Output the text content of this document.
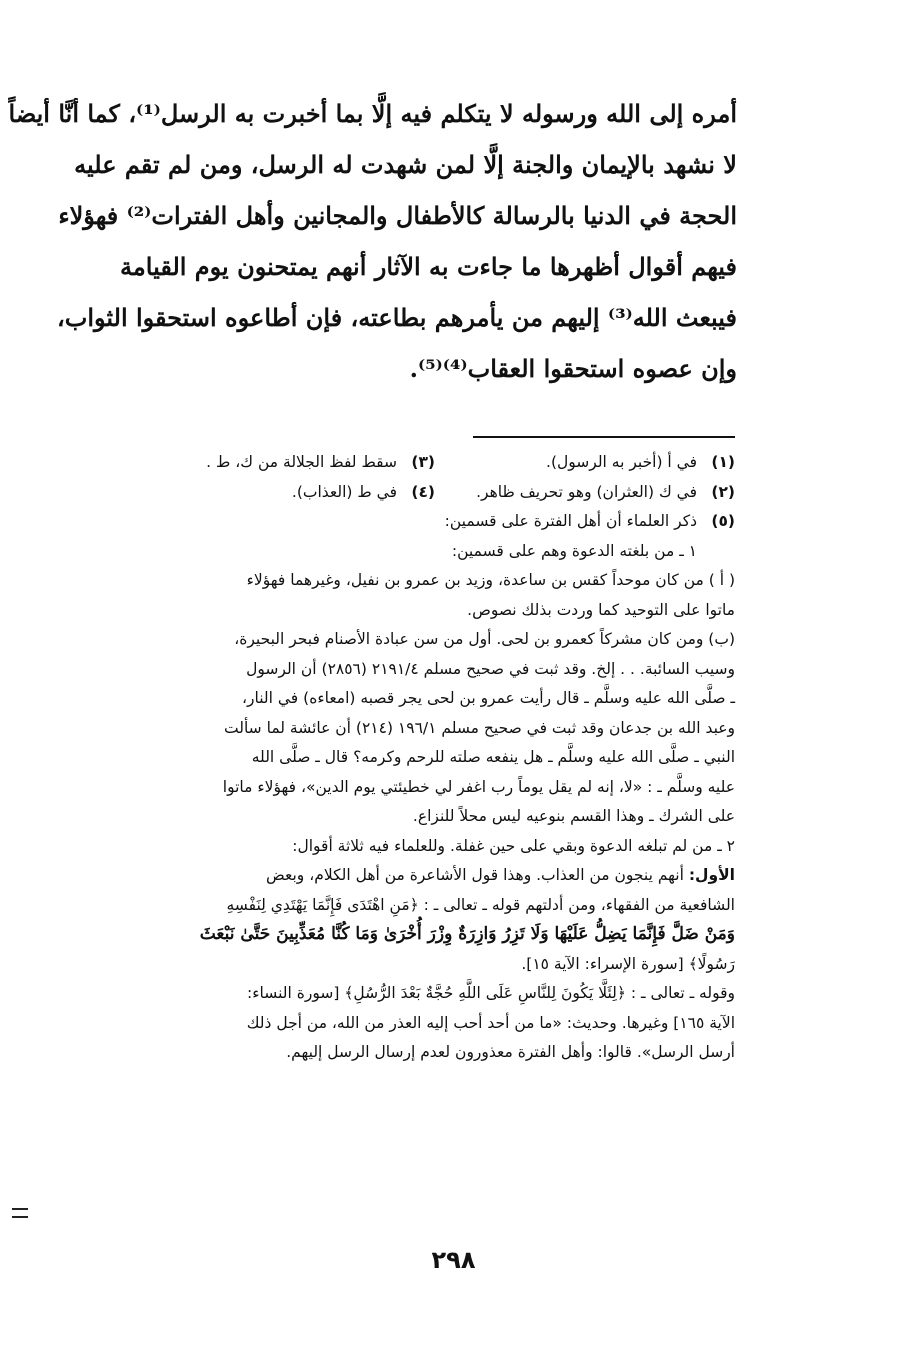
أمره إلى الله ورسوله لا يتكلم فيه إلَّا بما أخبرت به الرسل⁽¹⁾، كما أنَّا أيضاً
لا نشهد بالإيمان والجنة إلَّا لمن شهدت له الرسل، ومن لم تقم عليه
الحجة في الدنيا بالرسالة كالأطفال والمجانين وأهل الفترات⁽²⁾ فهؤلاء
فيهم أقوال أظهرها ما جاءت به الآثار أنهم يمتحنون يوم القيامة
فيبعث الله⁽³⁾ إليهم من يأمرهم بطاعته، فإن أطاعوه استحقوا الثواب،
وإن عصوه استحقوا العقاب⁽⁴⁾⁽⁵⁾.
(١)
في أ (أخبر به الرسول).
(٣)
سقط لفظ الجلالة من ك، ط .
(٢)
في ك (العثران) وهو تحريف ظاهر.
(٤)
في ط (العذاب).
(٥)
ذكر العلماء أن أهل الفترة على قسمين:
١ ـ من بلغته الدعوة وهم على قسمين:
( أ ) من كان موحداً كقس بن ساعدة، وزيد بن عمرو بن نفيل، وغيرهما فهؤلاء
ماتوا على التوحيد كما وردت بذلك نصوص.
(ب) ومن كان مشركاً كعمرو بن لحى. أول من سن عبادة الأصنام فبحر البحيرة،
وسيب السائبة. . . إلخ. وقد ثبت في صحيح مسلم ٢١٩١/٤ (٢٨٥٦) أن الرسول
ـ صلَّى الله عليه وسلَّم ـ قال رأيت عمرو بن لحى يجر قصبه (امعاءه) في النار،
وعبد الله بن جدعان وقد ثبت في صحيح مسلم ١٩٦/١ (٢١٤) أن عائشة لما سألت
النبي ـ صلَّى الله عليه وسلَّم ـ هل ينفعه صلته للرحم وكرمه؟ قال ـ صلَّى الله
عليه وسلَّم ـ : «لا، إنه لم يقل يوماً رب اغفر لي خطيئتي يوم الدين»، فهؤلاء ماتوا
على الشرك ـ وهذا القسم بنوعيه ليس محلاً للنزاع.
٢ ـ من لم تبلغه الدعوة وبقي على حين غفلة. وللعلماء فيه ثلاثة أقوال:
الأول: أنهم ينجون من العذاب. وهذا قول الأشاعرة من أهل الكلام، وبعض
الشافعية من الفقهاء، ومن أدلتهم قوله ـ تعالى ـ : ﴿مَنِ اهْتَدَى فَإِنَّمَا يَهْتَدِي لِنَفْسِهِ
وَمَنْ ضَلَّ فَإِنَّمَا يَضِلُّ عَلَيْهَا وَلَا تَزِرُ وَازِرَةٌ وِزْرَ أُخْرَىٰ وَمَا كُنَّا مُعَذِّبِينَ حَتَّىٰ نَبْعَثَ
رَسُولًا﴾ [سورة الإسراء: الآية ١٥].
وقوله ـ تعالى ـ : ﴿لِئَلَّا يَكُونَ لِلنَّاسِ عَلَى اللَّهِ حُجَّةٌ بَعْدَ الرُّسُلِ﴾ [سورة النساء:
الآية ١٦٥] وغيرها. وحديث: «ما من أحد أحب إليه العذر من الله، من أجل ذلك
أرسل الرسل». قالوا: وأهل الفترة معذورون لعدم إرسال الرسل إليهم.
٢٩٨
